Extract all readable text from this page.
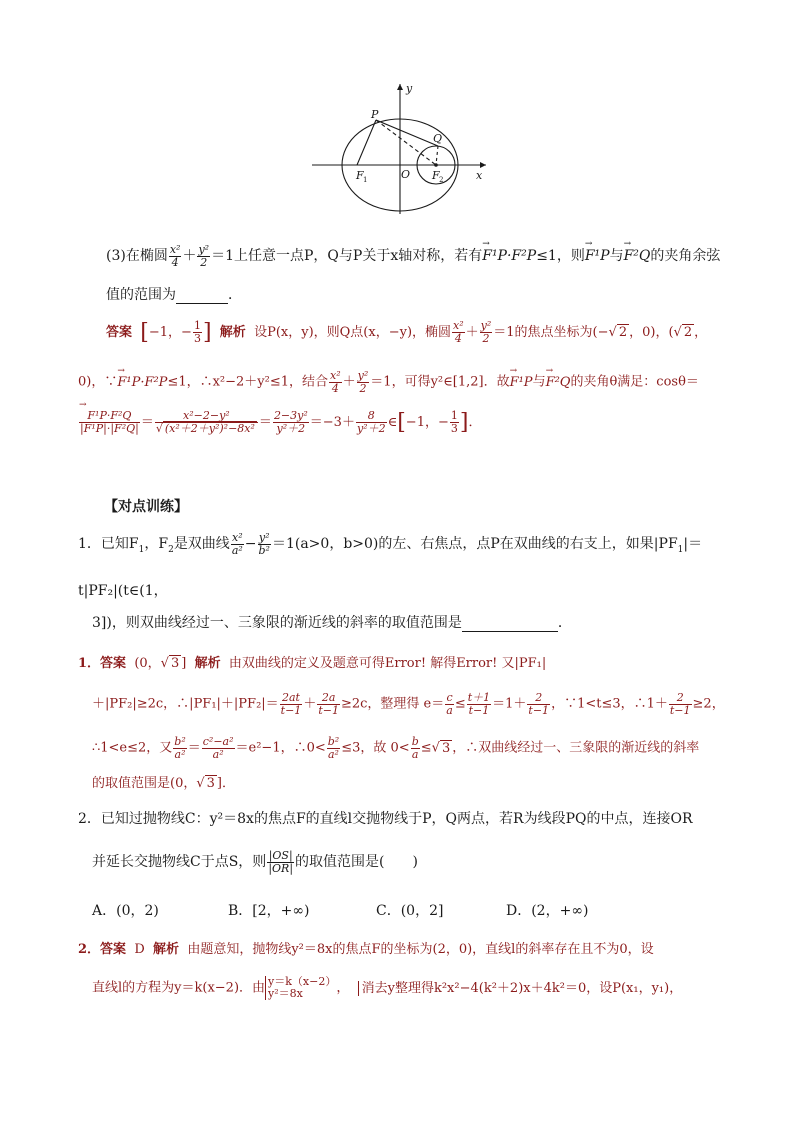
y
x
P
Q
F 1	O F 2
(3)在椭圆 $\frac{\text{x²}}{4} + \frac{\text{y²}}{2} =1$上任意一点P，Q与P关于x轴对称，若有→ F¹P·F²P≤1，则→ F¹P与→ F²Q的夹角余弦
值的范围为	．
答案 [−1，− $\frac{1}{3}$ ] 解析 设P(x，y)，则Q点(x，−y)，椭圆 $\frac{\text{x²}}{4} + \frac{\text{y²}}{2} =1$的焦点坐标为(−√ 2 ，0)，(√ 2 ，
0)，∵→ F¹P·F²P≤1，∴x²−2＋y²≤1，结合 $\frac{\text{x²}}{4} + \frac{\text{y²}}{2} =1$，可得y²∈[1,2]．故→ F¹P与→ F²Q的夹角θ满足：cosθ＝
→ $\frac{\text{F¹P·F²Q}}{\text{|F¹P|·|F²Q|}} = \frac{\text{x²−2−y²}}{\text{√ (x²＋2＋y²)²−8x²}} = \frac{\text{2−3y²}}{\text{y²＋2}} =-3+ \frac{8}{\text{y²＋2}}$ ∈[−1，− $\frac{1}{3}$ ]．
【对点训练】
1．已知$F_1$，$F_2$是双曲线 $\frac{\text{x²}}{\text{a²}} - \frac{\text{y²}}{\text{b²}} =1(a>0$，b>0)的左、右焦点，点P在双曲线的右支上，如果$|PF_1|=$
t|PF₂|(t∈(1，
3])，则双曲线经过一、三象限的渐近线的斜率的取值范围是	．
1．答案 (0，√ 3 ] 解析 由双曲线的定义及题意可得Error! 解得Error! 又|PF₁|
＋|PF₂|≥2c，∴|PF₁|＋|PF₂|＝ $\frac{2at}{t-1} + \frac{2a}{t-1} \ge 2c$，整理得 $e= \frac{c}{a} \le \frac{t+1}{t-1} =1+ \frac{2}{t-1}$ ，∵1<t≤3，∴1＋ $\frac{2}{t-1} \ge 2$，
∴1<e≤2，又 $\frac{\text{b²}}{\text{a²}} = \frac{\text{c²−a²}}{\text{a²}} =e^2-1$，∴0< $\frac{\text{b²}}{\text{a²}} \le 3$，故 $0< \frac{b}{a}$ ≤√ 3 ，∴双曲线经过一、三象限的渐近线的斜率
的取值范围是(0，√ 3 ]．
2．已知过抛物线C：y²＝8x的焦点F的直线l交抛物线于P，Q两点，若R为线段PQ的中点，连接OR
并延长交抛物线C于点S，则 $\frac{|OS|}{|OR|}$ 的取值范围是(　　)
A．(0，2)	B．[2，+∞)	C．(0，2]	D．(2，+∞)
2．答案 D 解析 由题意知，抛物线y²＝8x的焦点F的坐标为(2，0)，直线l的斜率存在且不为0，设
直线l的方程为y＝k(x−2)．由 y＝k（x−2）
y²＝8x	， 消去y整理得k²x²−4(k²＋2)x＋4k²＝0，设P(x₁，y₁)，
